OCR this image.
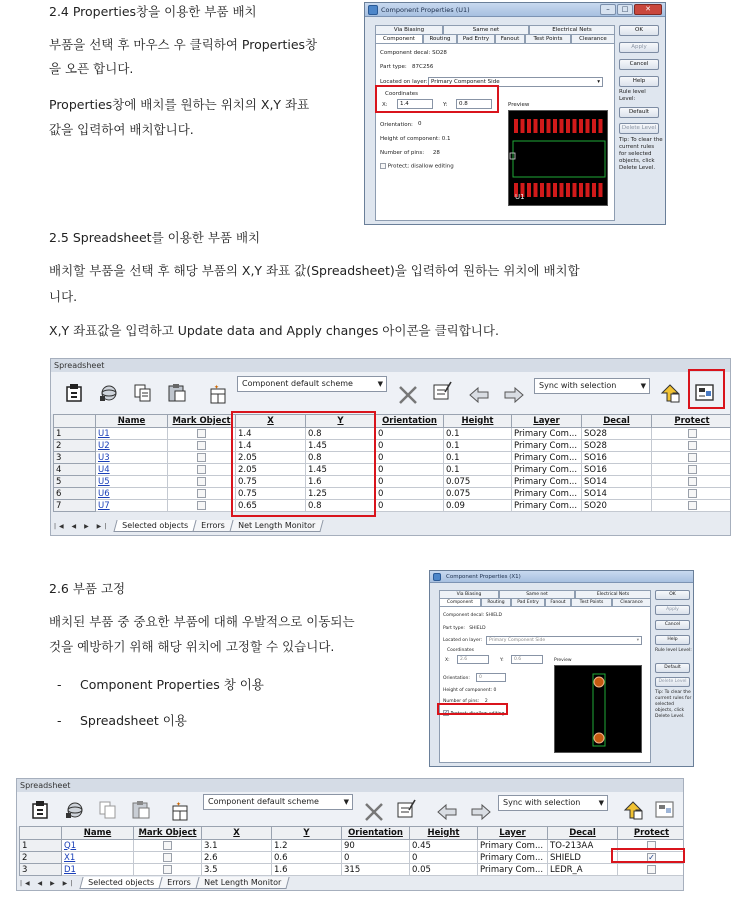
2.4 Properties창을 이용한 부품 배치
부품을 선택 후 마우스 우 클릭하여 Properties창
을 오픈 합니다.
Properties창에 배치를 원하는 위치의 X,Y 좌표
값을 입력하여 배치합니다.
Component Properties (U1)	–	□	✕
Via Biasing	Same net	Electrical Nets
Component	Routing	Pad Entry	Fanout	Test Points	Clearance
Component decal: SO28
Part type: 87C256
Located on layer: Primary Component Side	▾
Coordinates
X:	1.4	Y:	0.8
Orientation: 0
Height of component: 0.1
Number of pins: 28
Protect; disallow editing
Preview
U1
OK
Apply
Cancel
Help
Rule level Level:
Default
Delete Level
Tip: To clear the current rules for selected objects, click Delete Level.
2.5 Spreadsheet를 이용한 부품 배치
배치할 부품을 선택 후 해당 부품의 X,Y 좌표 값(Spreadsheet)을 입력하여 원하는 위치에 배치합
니다.
X,Y 좌표값을 입력하고 Update data and Apply changes 아이콘을 클릭합니다.
Spreadsheet
✦	Component default scheme	▼	Sync with selection	▼
	Name	Mark Object	X	Y	Orientation	Height	Layer	Decal	Protect
1	U1		1.4	0.8	0	0.1	Primary Com...	SO28	
2	U2		1.4	1.45	0	0.1	Primary Com...	SO28	
3	U3		2.05	0.8	0	0.1	Primary Com...	SO16	
4	U4		2.05	1.45	0	0.1	Primary Com...	SO16	
5	U5		0.75	1.6	0	0.075	Primary Com...	SO14	
6	U6		0.75	1.25	0	0.075	Primary Com...	SO14	
7	U7		0.65	0.8	0	0.09	Primary Com...	SO20	
|◀ ◀ ▶ ▶|	Selected objects	Errors	Net Length Monitor
2.6 부품 고정
배치된 부품 중 중요한 부품에 대해 우발적으로 이동되는
것을 예방하기 위해 해당 위치에 고정할 수 있습니다.
- Component Properties 창 이용
- Spreadsheet 이용
Component Properties (X1)
Via Biasing	Same net	Electrical Nets
Component	Routing	Pad Entry	Fanout	Test Points	Clearance
Component decal: SHIELD
Part type: SHIELD
Located on layer:	Primary Component Side	▾
Coordinates
X:	2.6	Y:	0.6
Orientation:	0
Height of component: 0
Number of pins: 2
✓ Protect; disallow editing
Preview
OK
Apply
Cancel
Help
Rule level Level:
Default
Delete Level
Tip: To clear the current rules for selected objects, click Delete Level.
Spreadsheet
✦	Component default scheme	▼	Sync with selection	▼
	Name	Mark Object	X	Y	Orientation	Height	Layer	Decal	Protect
1	Q1		3.1	1.2	90	0.45	Primary Com...	TO-213AA	
2	X1		2.6	0.6	0	0	Primary Com...	SHIELD	✓
3	D1		3.5	1.6	315	0.05	Primary Com...	LEDR_A	
|◀ ◀ ▶ ▶|	Selected objects	Errors	Net Length Monitor
